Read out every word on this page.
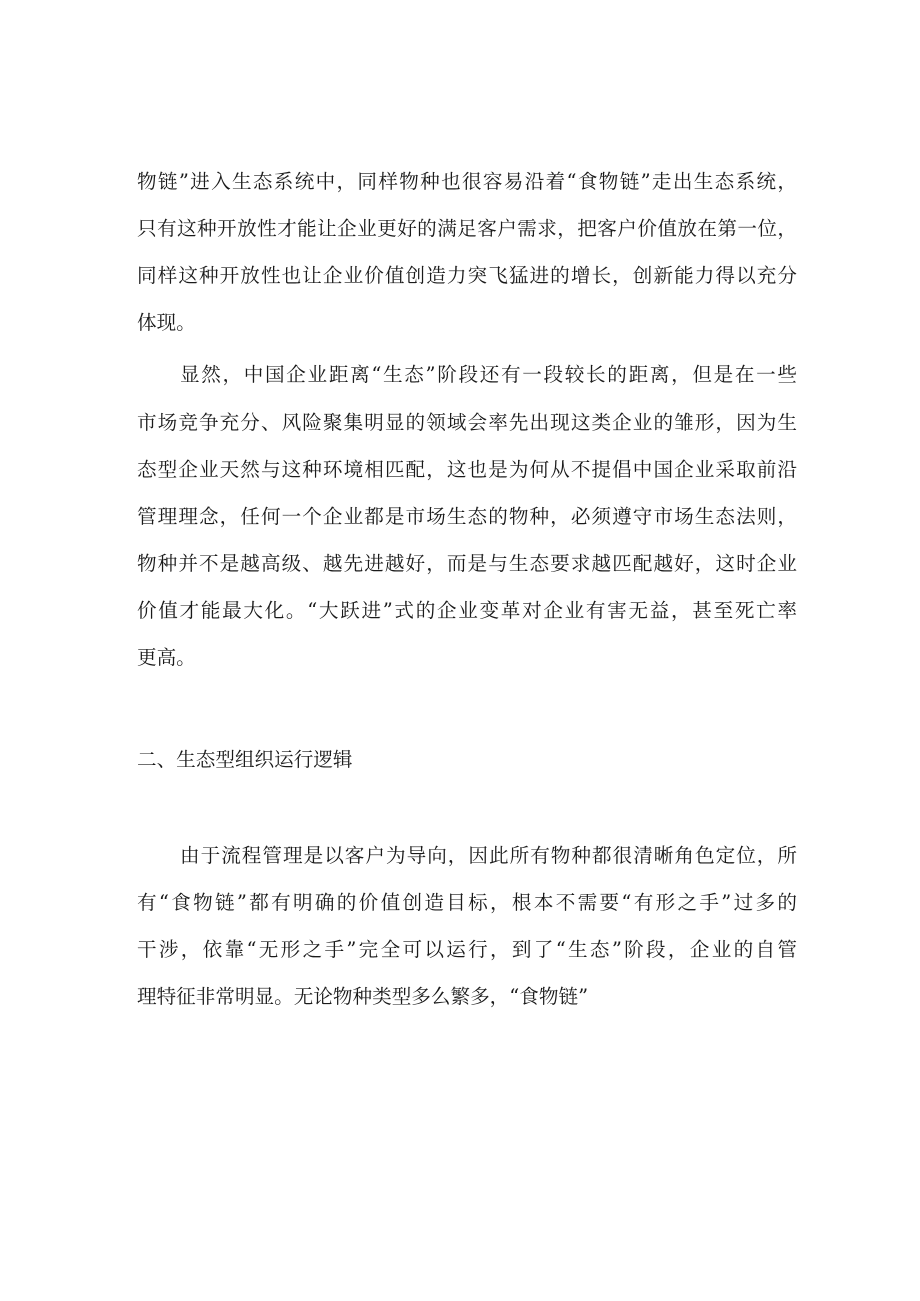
物链”进入生态系统中，同样物种也很容易沿着“食物链”走出生态系统，
只有这种开放性才能让企业更好的满足客户需求，把客户价值放在第一位，
同样这种开放性也让企业价值创造力突飞猛进的增长，创新能力得以充分
体现。
显然，中国企业距离“生态”阶段还有一段较长的距离，但是在一些
市场竞争充分、风险聚集明显的领域会率先出现这类企业的雏形，因为生
态型企业天然与这种环境相匹配，这也是为何从不提倡中国企业采取前沿
管理理念，任何一个企业都是市场生态的物种，必须遵守市场生态法则，
物种并不是越高级、越先进越好，而是与生态要求越匹配越好，这时企业
价值才能最大化。“大跃进”式的企业变革对企业有害无益，甚至死亡率
更高。
二、生态型组织运行逻辑
由于流程管理是以客户为导向，因此所有物种都很清晰角色定位，所
有“食物链”都有明确的价值创造目标，根本不需要“有形之手”过多的
干涉，依靠“无形之手”完全可以运行，到了“生态”阶段，企业的自管
理特征非常明显。无论物种类型多么繁多，“食物链”
